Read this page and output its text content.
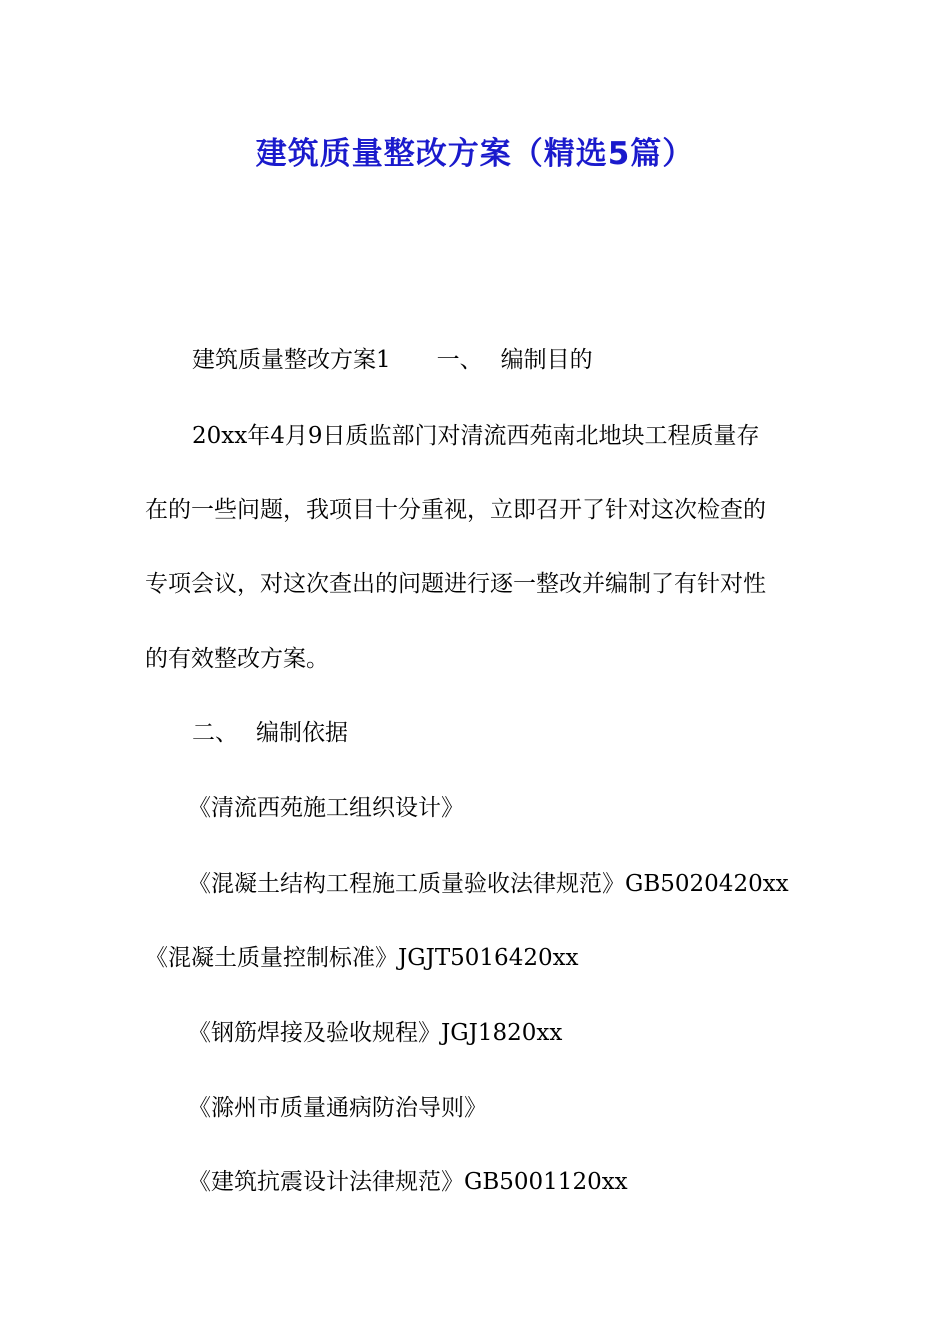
建筑质量整改方案（精选5篇）
建筑质量整改方案1 一、 编制目的
20xx年4月9日质监部门对清流西苑南北地块工程质量存
在的一些问题，我项目十分重视，立即召开了针对这次检查的
专项会议，对这次查出的问题进行逐一整改并编制了有针对性
的有效整改方案。
二、 编制依据
《清流西苑施工组织设计》
《混凝土结构工程施工质量验收法律规范》GB5020420xx
《混凝土质量控制标准》JGJT5016420xx
《钢筋焊接及验收规程》JGJ1820xx
《滁州市质量通病防治导则》
《建筑抗震设计法律规范》GB5001120xx
